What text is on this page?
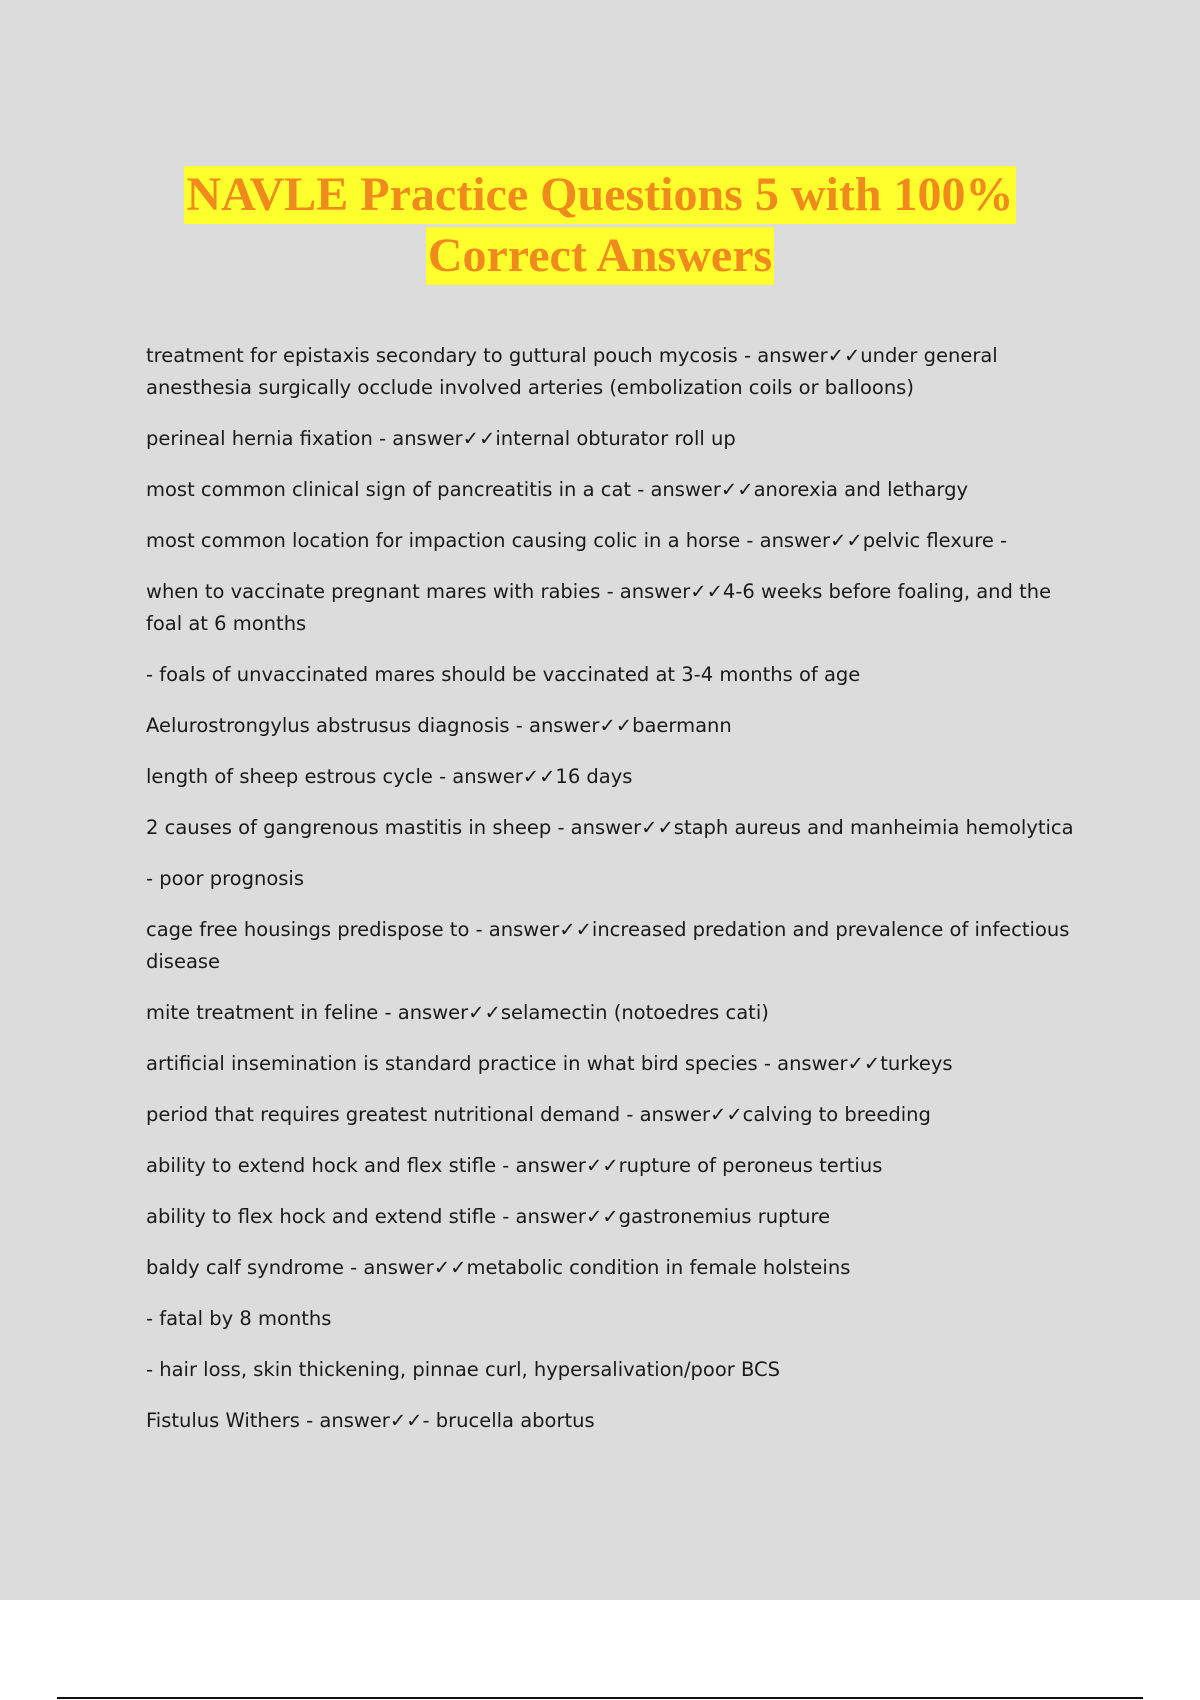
NAVLE Practice Questions 5 with 100%
Correct Answers
treatment for epistaxis secondary to guttural pouch mycosis - answer✓✓under general
anesthesia surgically occlude involved arteries (embolization coils or balloons)
perineal hernia fixation - answer✓✓internal obturator roll up
most common clinical sign of pancreatitis in a cat - answer✓✓anorexia and lethargy
most common location for impaction causing colic in a horse - answer✓✓pelvic flexure -
when to vaccinate pregnant mares with rabies - answer✓✓4-6 weeks before foaling, and the
foal at 6 months
- foals of unvaccinated mares should be vaccinated at 3-4 months of age
Aelurostrongylus abstrusus diagnosis - answer✓✓baermann
length of sheep estrous cycle - answer✓✓16 days
2 causes of gangrenous mastitis in sheep - answer✓✓staph aureus and manheimia hemolytica
- poor prognosis
cage free housings predispose to - answer✓✓increased predation and prevalence of infectious
disease
mite treatment in feline - answer✓✓selamectin (notoedres cati)
artificial insemination is standard practice in what bird species - answer✓✓turkeys
period that requires greatest nutritional demand - answer✓✓calving to breeding
ability to extend hock and flex stifle - answer✓✓rupture of peroneus tertius
ability to flex hock and extend stifle - answer✓✓gastronemius rupture
baldy calf syndrome - answer✓✓metabolic condition in female holsteins
- fatal by 8 months
- hair loss, skin thickening, pinnae curl, hypersalivation/poor BCS
Fistulus Withers - answer✓✓- brucella abortus
